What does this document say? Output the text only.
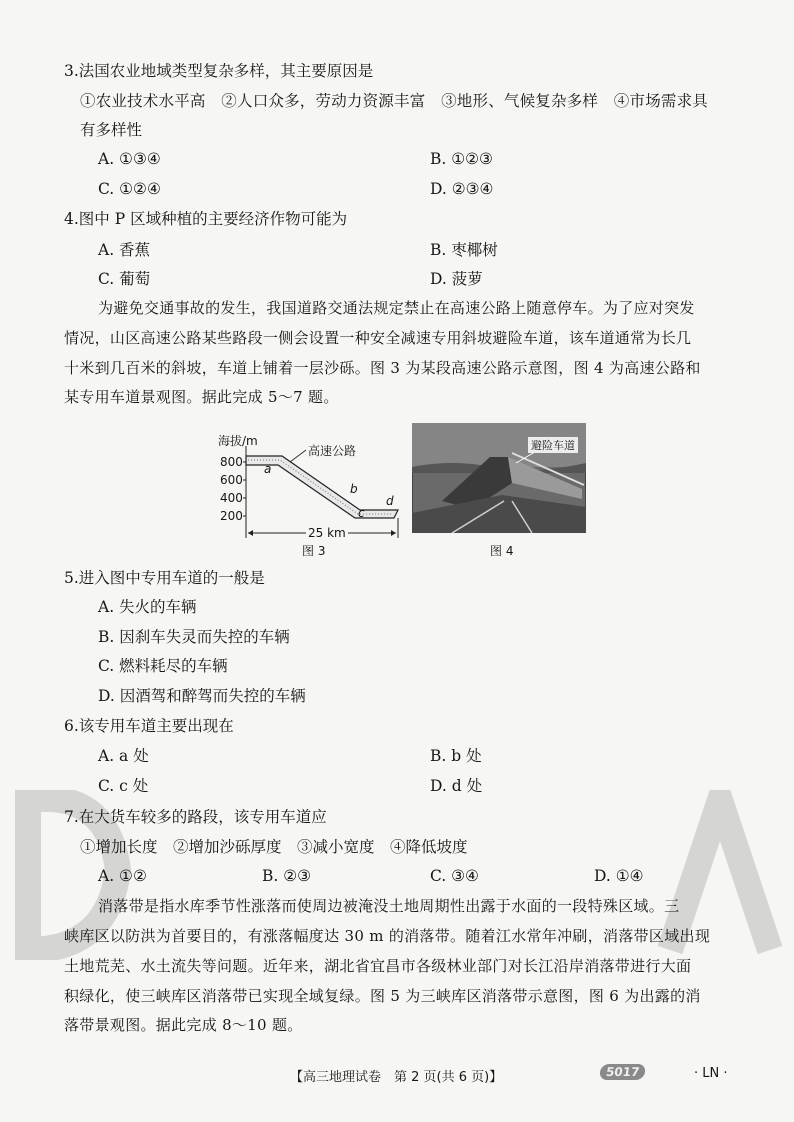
3.法国农业地域类型复杂多样，其主要原因是
①农业技术水平高　②人口众多，劳动力资源丰富　③地形、气候复杂多样　④市场需求具
有多样性
A. ①③④	B. ①②③
C. ①②④	D. ②③④
4.图中 P 区域种植的主要经济作物可能为
A. 香蕉	B. 枣椰树
C. 葡萄	D. 菠萝
为避免交通事故的发生，我国道路交通法规定禁止在高速公路上随意停车。为了应对突发
情况，山区高速公路某些路段一侧会设置一种安全减速专用斜坡避险车道，该车道通常为长几
十米到几百米的斜坡，车道上铺着一层沙砾。图 3 为某段高速公路示意图，图 4 为高速公路和
某专用车道景观图。据此完成 5～7 题。
海拔/m
800
600
400
200
高速公路
a
b
c
d
25 km
图 3
避险车道
图 4
5.进入图中专用车道的一般是
A. 失火的车辆
B. 因刹车失灵而失控的车辆
C. 燃料耗尽的车辆
D. 因酒驾和醉驾而失控的车辆
6.该专用车道主要出现在
A. a 处	B. b 处
C. c 处	D. d 处
7.在大货车较多的路段，该专用车道应
①增加长度　②增加沙砾厚度　③减小宽度　④降低坡度
A. ①②	B. ②③	C. ③④	D. ①④
消落带是指水库季节性涨落而使周边被淹没土地周期性出露于水面的一段特殊区域。三
峡库区以防洪为首要目的，有涨落幅度达 30 m 的消落带。随着江水常年冲刷，消落带区域出现
土地荒芜、水土流失等问题。近年来，湖北省宜昌市各级林业部门对长江沿岸消落带进行大面
积绿化，使三峡库区消落带已实现全域复绿。图 5 为三峡库区消落带示意图，图 6 为出露的消
落带景观图。据此完成 8～10 题。
【高三地理试卷　第 2 页(共 6 页)】	5017	· LN ·
